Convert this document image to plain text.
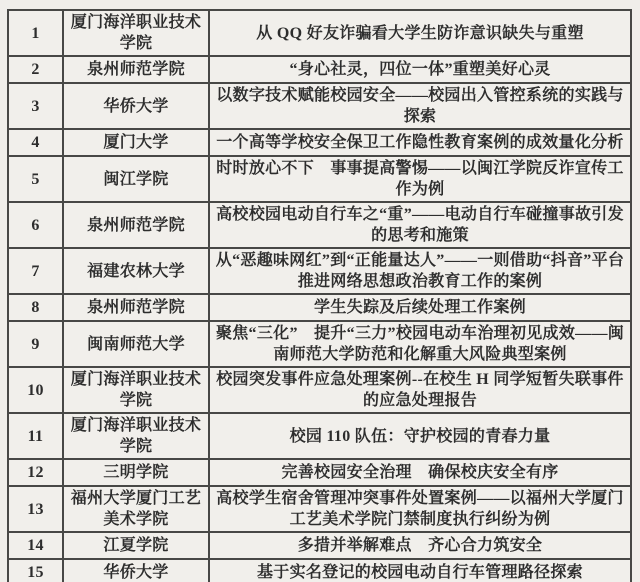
1	厦门海洋职业技术学院	从 QQ 好友诈骗看大学生防诈意识缺失与重塑
2	泉州师范学院	“身心社灵，四位一体”重塑美好心灵
3	华侨大学	以数字技术赋能校园安全——校园出入管控系统的实践与探索
4	厦门大学	一个高等学校安全保卫工作隐性教育案例的成效量化分析
5	闽江学院	时时放心不下　事事提高警惕——以闽江学院反诈宣传工作为例
6	泉州师范学院	高校校园电动自行车之“重”——电动自行车碰撞事故引发的思考和施策
7	福建农林大学	从“恶趣味网红”到“正能量达人”——一则借助“抖音”平台推进网络思想政治教育工作的案例
8	泉州师范学院	学生失踪及后续处理工作案例
9	闽南师范大学	聚焦“三化”　提升“三力”校园电动车治理初见成效——闽南师范大学防范和化解重大风险典型案例
10	厦门海洋职业技术学院	校园突发事件应急处理案例--在校生 H 同学短暂失联事件的应急处理报告
11	厦门海洋职业技术学院	校园 110 队伍：守护校园的青春力量
12	三明学院	完善校园安全治理　确保校庆安全有序
13	福州大学厦门工艺美术学院	高校学生宿舍管理冲突事件处置案例——以福州大学厦门工艺美术学院门禁制度执行纠纷为例
14	江夏学院	多措并举解难点　齐心合力筑安全
15	华侨大学	基于实名登记的校园电动自行车管理路径探索
